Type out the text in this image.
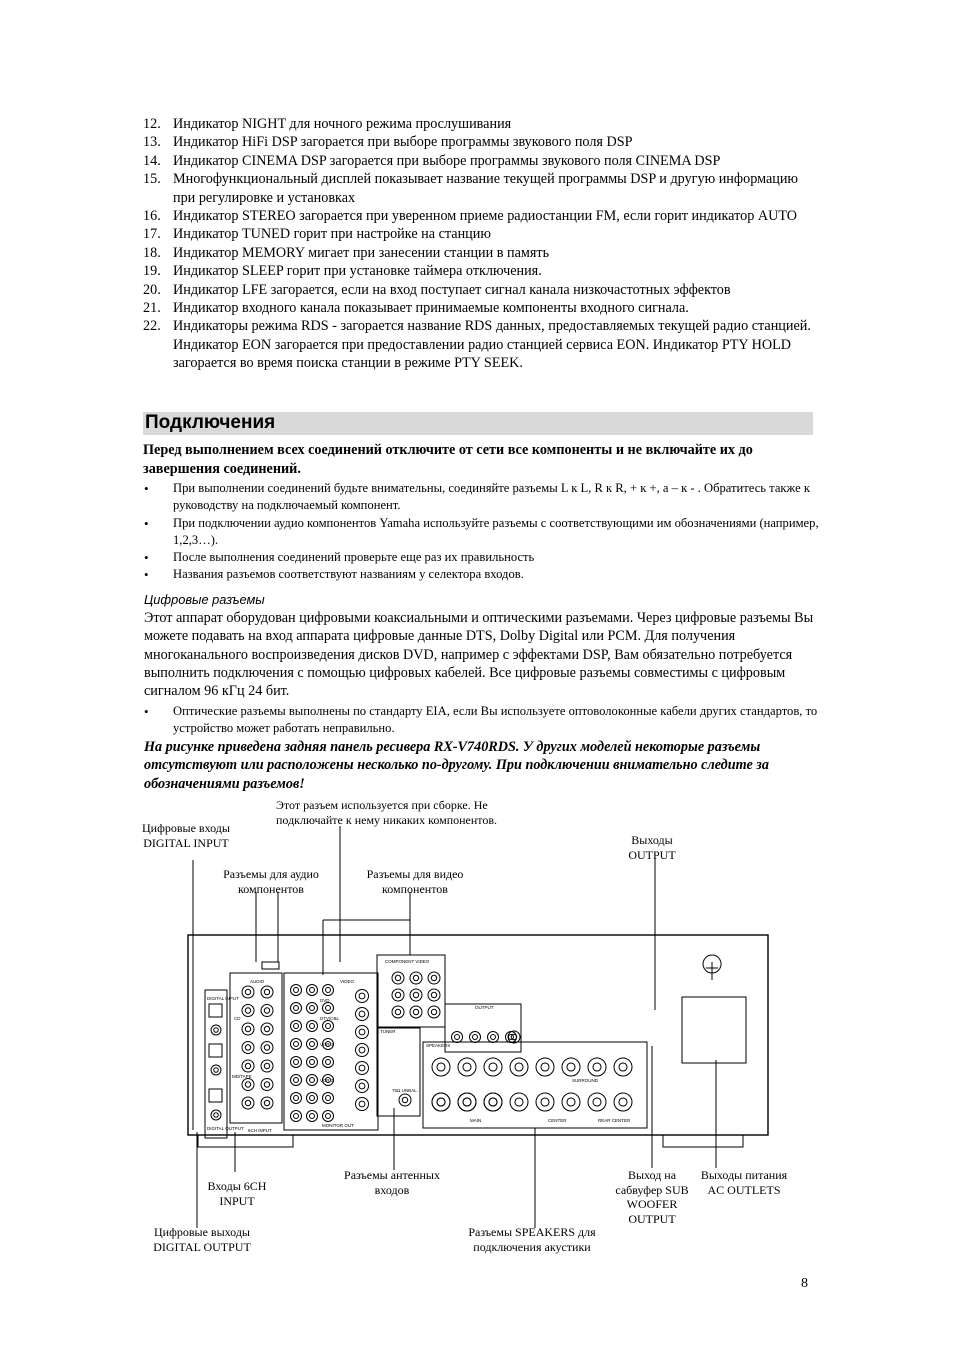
12. Индикатор NIGHT для ночного режима прослушивания
13. Индикатор HiFi DSP загорается при выборе программы звукового поля DSP
14. Индикатор CINEMA DSP загорается при выборе программы звукового поля CINEMA DSP
15. Многофункциональный дисплей показывает название текущей программы DSP и другую информацию при регулировке и установках
16. Индикатор STEREO загорается при уверенном приеме радиостанции FM, если горит индикатор AUTO
17. Индикатор TUNED горит при настройке на станцию
18. Индикатор MEMORY мигает при занесении станции в память
19. Индикатор SLEEP горит при установке таймера отключения.
20. Индикатор LFE загорается, если на вход поступает сигнал канала низкочастотных эффектов
21. Индикатор входного канала показывает принимаемые компоненты входного сигнала.
22. Индикаторы режима RDS - загорается название RDS данных, предоставляемых текущей радио станцией. Индикатор EON загорается при предоставлении радио станцией сервиса EON. Индикатор PTY HOLD загорается во время поиска станции в режиме PTY SEEK.
Подключения
Перед выполнением всех соединений отключите от сети все компоненты и не включайте их до завершения соединений.
• При выполнении соединений будьте внимательны, соединяйте разъемы L к L, R к R, + к +, а – к - . Обратитесь также к руководству на подключаемый компонент.
• При подключении аудио компонентов Yamaha используйте разъемы с соответствующими им обозначениями (например, 1,2,3…).
• После выполнения соединений проверьте еще раз их правильность
• Названия разъемов соответствуют названиям у селектора входов.
Цифровые разъемы
Этот аппарат оборудован цифровыми коаксиальными и оптическими разъемами. Через цифровые разъемы Вы можете подавать на вход аппарата цифровые данные DTS, Dolby Digital или PCM. Для получения многоканального воспроизведения дисков DVD, например с эффектами DSP, Вам обязательно потребуется выполнить подключения с помощью цифровых кабелей. Все цифровые разъемы совместимы с цифровым сигналом 96 кГц 24 бит.
• Оптические разъемы выполнены по стандарту EIA, если Вы используете оптоволоконные кабели других стандартов, то устройство может работать неправильно.
На рисунке приведена задняя панель ресивера RX-V740RDS. У других моделей некоторые разъемы отсутствуют или расположены несколько по-другому. При подключении внимательно следите за обозначениями разъемов!
AUDIO	VIDEO
COMPONENT VIDEO
TUNER
OUTPUT
DIGITAL INPUT
DIGITAL OUTPUT 6CH INPUT
MONITOR OUT
SURROUND
MAIN	CENTER	REAR CENTER
CD
MD/TAPE
DVD
DTV/CBL
VCR 1
VCR 2
75Ω UNBAL.
SPEAKERS
Этот разъем используется при сборке. Не
подключайте к нему никаких компонентов.
Цифровые входы
DIGITAL INPUT	Выходы
OUTPUT
Разъемы для аудио
компонентов
Разъемы для видео
компонентов
Входы 6CH
INPUT
Разъемы антенных
входов
Выход на
сабвуфер SUB
WOOFER
OUTPUT
Выходы питания
AC OUTLETS
Цифровые выходы
DIGITAL OUTPUT
Разъемы SPEAKERS для
подключения акустики
8
